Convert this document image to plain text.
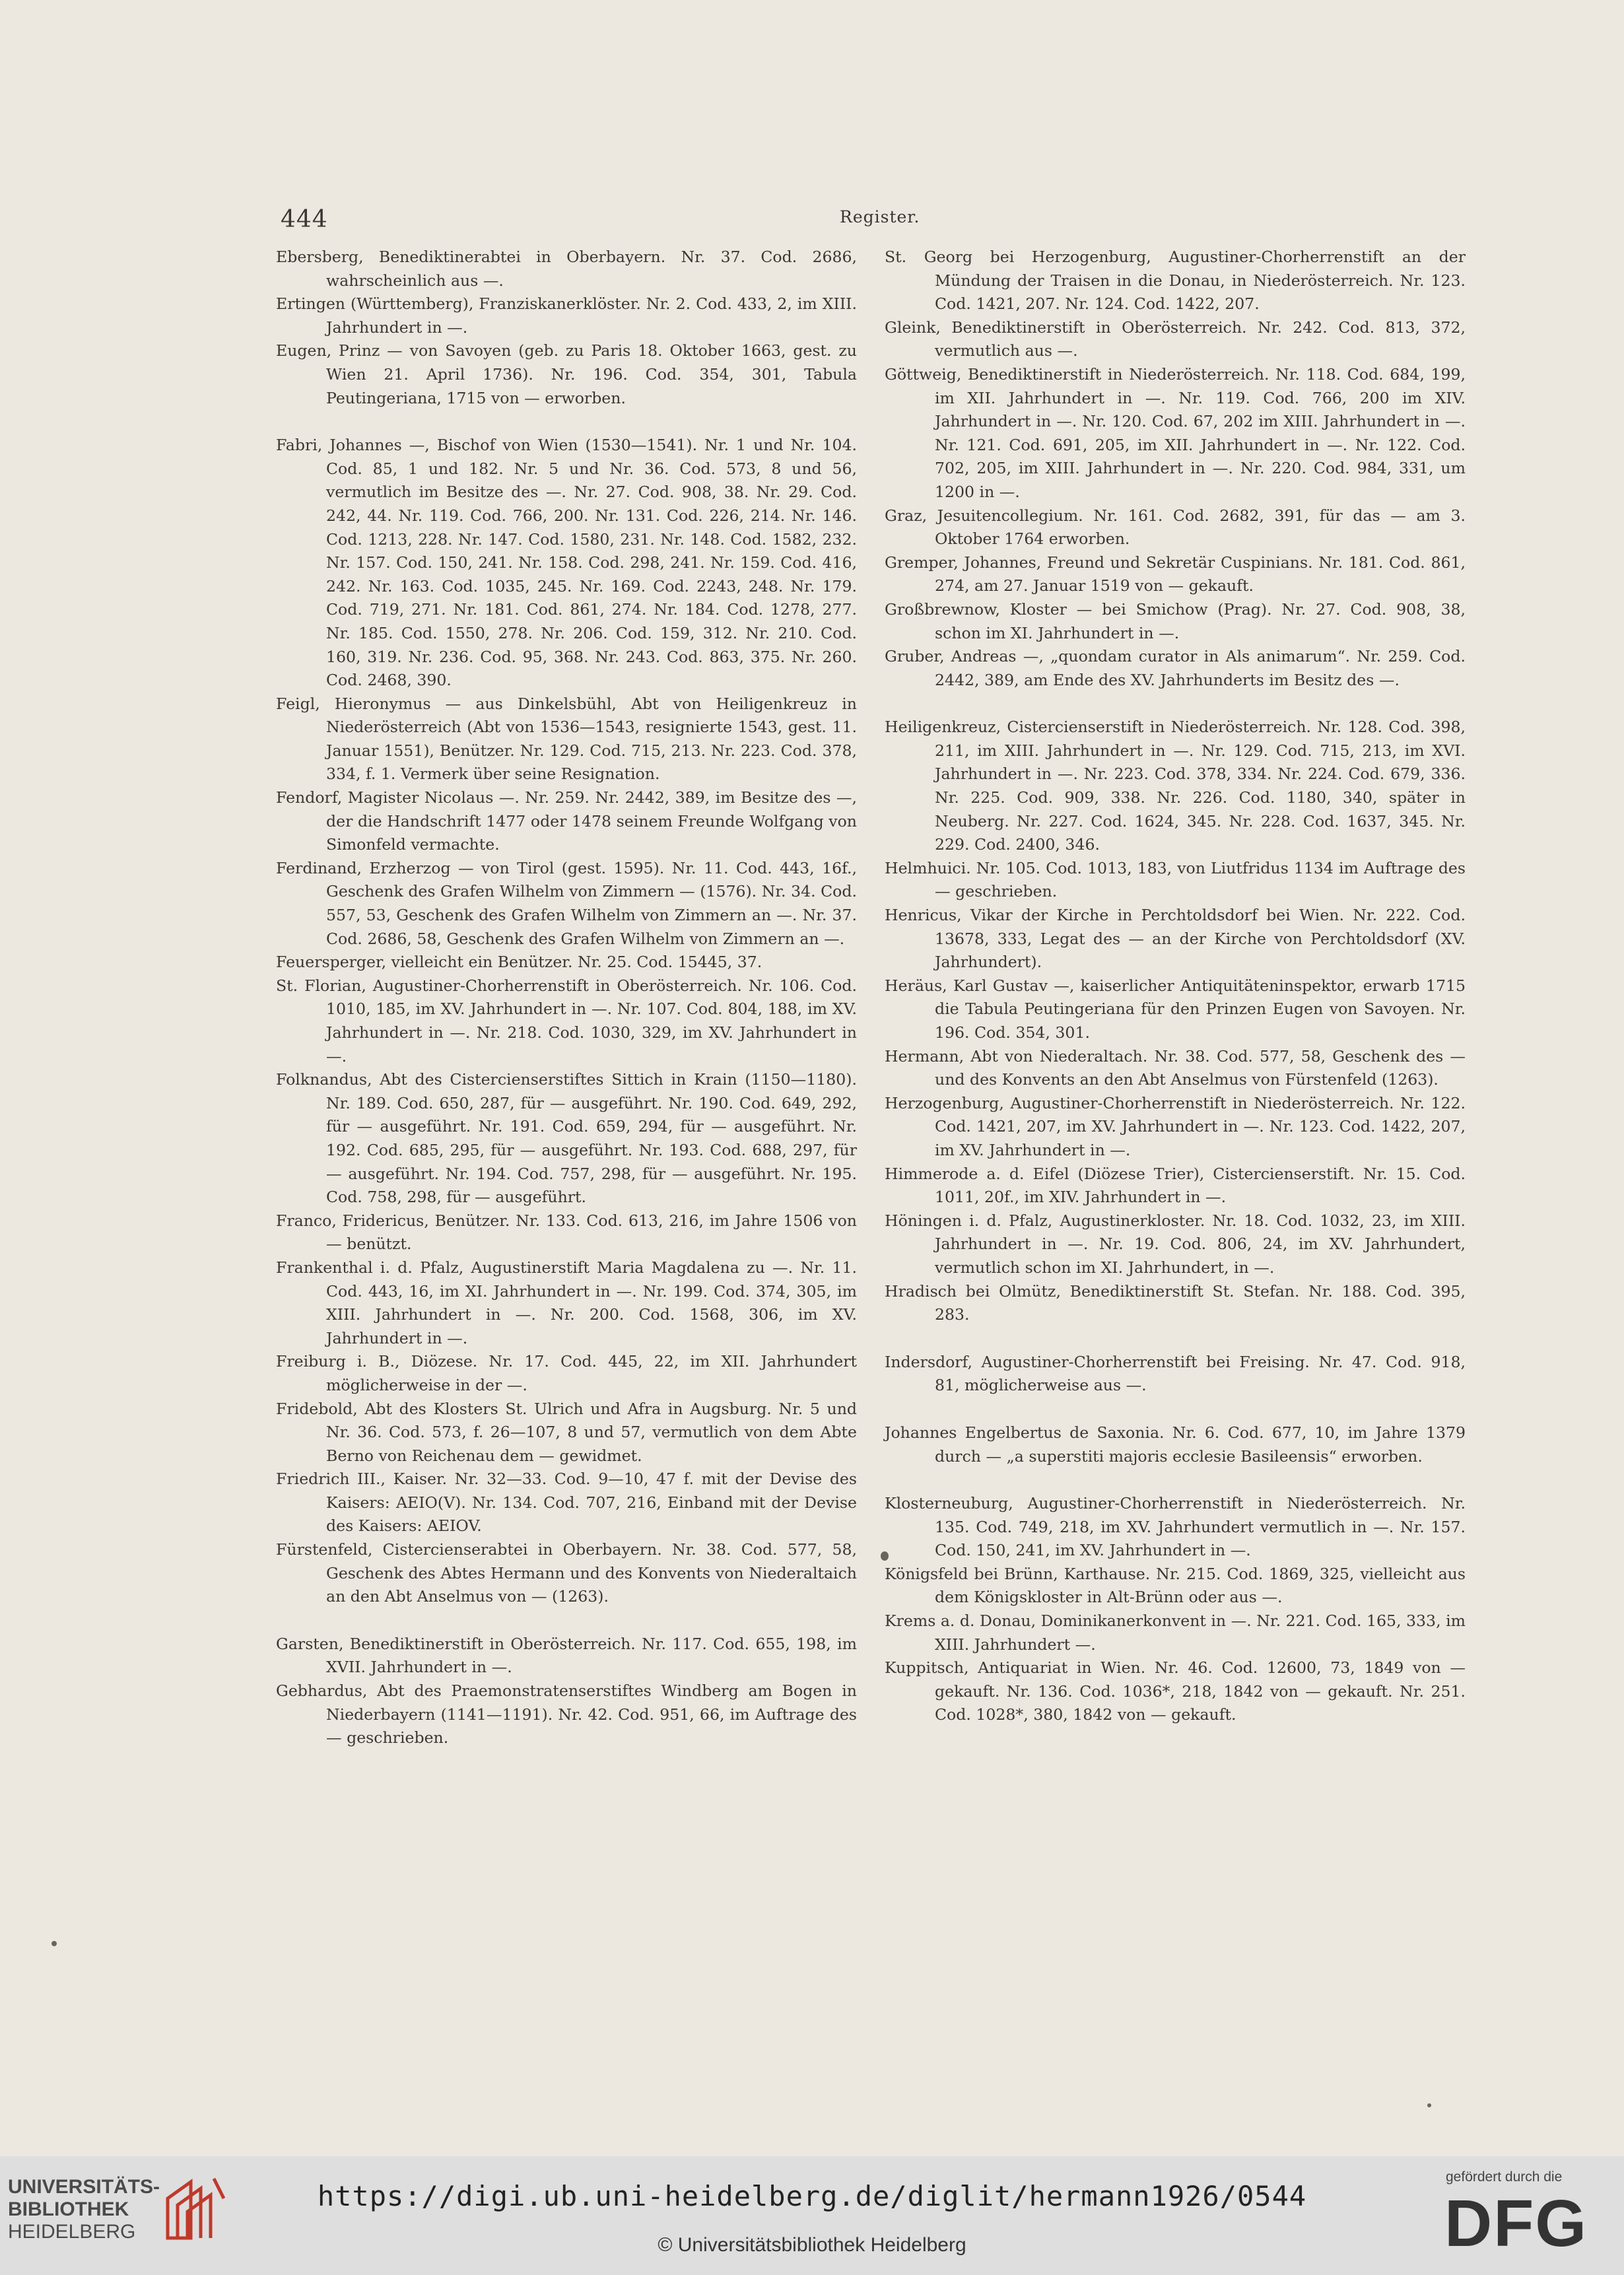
444	Register.
Ebersberg, Benediktinerabtei in Oberbayern. Nr. 37. Cod. 2686, wahrscheinlich aus —.
Ertingen (Württemberg), Franziskanerklöster. Nr. 2. Cod. 433, 2, im XIII. Jahrhundert in —.
Eugen, Prinz — von Savoyen (geb. zu Paris 18. Oktober 1663, gest. zu Wien 21. April 1736). Nr. 196. Cod. 354, 301, Tabula Peutingeriana, 1715 von — erworben.
Fabri, Johannes —, Bischof von Wien (1530—1541). Nr. 1 und Nr. 104. Cod. 85, 1 und 182. Nr. 5 und Nr. 36. Cod. 573, 8 und 56, vermutlich im Besitze des —. Nr. 27. Cod. 908, 38. Nr. 29. Cod. 242, 44. Nr. 119. Cod. 766, 200. Nr. 131. Cod. 226, 214. Nr. 146. Cod. 1213, 228. Nr. 147. Cod. 1580, 231. Nr. 148. Cod. 1582, 232. Nr. 157. Cod. 150, 241. Nr. 158. Cod. 298, 241. Nr. 159. Cod. 416, 242. Nr. 163. Cod. 1035, 245. Nr. 169. Cod. 2243, 248. Nr. 179. Cod. 719, 271. Nr. 181. Cod. 861, 274. Nr. 184. Cod. 1278, 277. Nr. 185. Cod. 1550, 278. Nr. 206. Cod. 159, 312. Nr. 210. Cod. 160, 319. Nr. 236. Cod. 95, 368. Nr. 243. Cod. 863, 375. Nr. 260. Cod. 2468, 390.
Feigl, Hieronymus — aus Dinkelsbühl, Abt von Heiligenkreuz in Niederösterreich (Abt von 1536—1543, resignierte 1543, gest. 11. Januar 1551), Benützer. Nr. 129. Cod. 715, 213. Nr. 223. Cod. 378, 334, f. 1. Vermerk über seine Resignation.
Fendorf, Magister Nicolaus —. Nr. 259. Nr. 2442, 389, im Besitze des —, der die Handschrift 1477 oder 1478 seinem Freunde Wolfgang von Simonfeld vermachte.
Ferdinand, Erzherzog — von Tirol (gest. 1595). Nr. 11. Cod. 443, 16f., Geschenk des Grafen Wilhelm von Zimmern — (1576). Nr. 34. Cod. 557, 53, Geschenk des Grafen Wilhelm von Zimmern an —. Nr. 37. Cod. 2686, 58, Geschenk des Grafen Wilhelm von Zimmern an —.
Feuersperger, vielleicht ein Benützer. Nr. 25. Cod. 15445, 37.
St. Florian, Augustiner-Chorherrenstift in Oberösterreich. Nr. 106. Cod. 1010, 185, im XV. Jahrhundert in —. Nr. 107. Cod. 804, 188, im XV. Jahrhundert in —. Nr. 218. Cod. 1030, 329, im XV. Jahrhundert in —.
Folknandus, Abt des Cistercienserstiftes Sittich in Krain (1150—1180). Nr. 189. Cod. 650, 287, für — ausgeführt. Nr. 190. Cod. 649, 292, für — ausgeführt. Nr. 191. Cod. 659, 294, für — ausgeführt. Nr. 192. Cod. 685, 295, für — ausgeführt. Nr. 193. Cod. 688, 297, für — ausgeführt. Nr. 194. Cod. 757, 298, für — ausgeführt. Nr. 195. Cod. 758, 298, für — ausgeführt.
Franco, Fridericus, Benützer. Nr. 133. Cod. 613, 216, im Jahre 1506 von — benützt.
Frankenthal i. d. Pfalz, Augustinerstift Maria Magdalena zu —. Nr. 11. Cod. 443, 16, im XI. Jahrhundert in —. Nr. 199. Cod. 374, 305, im XIII. Jahrhundert in —. Nr. 200. Cod. 1568, 306, im XV. Jahrhundert in —.
Freiburg i. B., Diözese. Nr. 17. Cod. 445, 22, im XII. Jahrhundert möglicherweise in der —.
Fridebold, Abt des Klosters St. Ulrich und Afra in Augsburg. Nr. 5 und Nr. 36. Cod. 573, f. 26—107, 8 und 57, vermutlich von dem Abte Berno von Reichenau dem — gewidmet.
Friedrich III., Kaiser. Nr. 32—33. Cod. 9—10, 47 f. mit der Devise des Kaisers: AEIO(V). Nr. 134. Cod. 707, 216, Einband mit der Devise des Kaisers: AEIOV.
Fürstenfeld, Cistercienserabtei in Oberbayern. Nr. 38. Cod. 577, 58, Geschenk des Abtes Hermann und des Konvents von Niederaltaich an den Abt Anselmus von — (1263).
Garsten, Benediktinerstift in Oberösterreich. Nr. 117. Cod. 655, 198, im XVII. Jahrhundert in —.
Gebhardus, Abt des Praemonstratenserstiftes Windberg am Bogen in Niederbayern (1141—1191). Nr. 42. Cod. 951, 66, im Auftrage des — geschrieben.
St. Georg bei Herzogenburg, Augustiner-Chorherrenstift an der Mündung der Traisen in die Donau, in Niederösterreich. Nr. 123. Cod. 1421, 207. Nr. 124. Cod. 1422, 207.
Gleink, Benediktinerstift in Oberösterreich. Nr. 242. Cod. 813, 372, vermutlich aus —.
Göttweig, Benediktinerstift in Niederösterreich. Nr. 118. Cod. 684, 199, im XII. Jahrhundert in —. Nr. 119. Cod. 766, 200 im XIV. Jahrhundert in —. Nr. 120. Cod. 67, 202 im XIII. Jahrhundert in —. Nr. 121. Cod. 691, 205, im XII. Jahrhundert in —. Nr. 122. Cod. 702, 205, im XIII. Jahrhundert in —. Nr. 220. Cod. 984, 331, um 1200 in —.
Graz, Jesuitencollegium. Nr. 161. Cod. 2682, 391, für das — am 3. Oktober 1764 erworben.
Gremper, Johannes, Freund und Sekretär Cuspinians. Nr. 181. Cod. 861, 274, am 27. Januar 1519 von — gekauft.
Großbrewnow, Kloster — bei Smichow (Prag). Nr. 27. Cod. 908, 38, schon im XI. Jahrhundert in —.
Gruber, Andreas —, „quondam curator in Als animarum“. Nr. 259. Cod. 2442, 389, am Ende des XV. Jahrhunderts im Besitz des —.
Heiligenkreuz, Cistercienserstift in Niederösterreich. Nr. 128. Cod. 398, 211, im XIII. Jahrhundert in —. Nr. 129. Cod. 715, 213, im XVI. Jahrhundert in —. Nr. 223. Cod. 378, 334. Nr. 224. Cod. 679, 336. Nr. 225. Cod. 909, 338. Nr. 226. Cod. 1180, 340, später in Neuberg. Nr. 227. Cod. 1624, 345. Nr. 228. Cod. 1637, 345. Nr. 229. Cod. 2400, 346.
Helmhuici. Nr. 105. Cod. 1013, 183, von Liutfridus 1134 im Auftrage des — geschrieben.
Henricus, Vikar der Kirche in Perchtoldsdorf bei Wien. Nr. 222. Cod. 13678, 333, Legat des — an der Kirche von Perchtoldsdorf (XV. Jahrhundert).
Heräus, Karl Gustav —, kaiserlicher Antiquitäteninspektor, erwarb 1715 die Tabula Peutingeriana für den Prinzen Eugen von Savoyen. Nr. 196. Cod. 354, 301.
Hermann, Abt von Niederaltach. Nr. 38. Cod. 577, 58, Geschenk des — und des Konvents an den Abt Anselmus von Fürstenfeld (1263).
Herzogenburg, Augustiner-Chorherrenstift in Niederösterreich. Nr. 122. Cod. 1421, 207, im XV. Jahrhundert in —. Nr. 123. Cod. 1422, 207, im XV. Jahrhundert in —.
Himmerode a. d. Eifel (Diözese Trier), Cistercienserstift. Nr. 15. Cod. 1011, 20f., im XIV. Jahrhundert in —.
Höningen i. d. Pfalz, Augustinerkloster. Nr. 18. Cod. 1032, 23, im XIII. Jahrhundert in —. Nr. 19. Cod. 806, 24, im XV. Jahrhundert, vermutlich schon im XI. Jahrhundert, in —.
Hradisch bei Olmütz, Benediktinerstift St. Stefan. Nr. 188. Cod. 395, 283.
Indersdorf, Augustiner-Chorherrenstift bei Freising. Nr. 47. Cod. 918, 81, möglicherweise aus —.
Johannes Engelbertus de Saxonia. Nr. 6. Cod. 677, 10, im Jahre 1379 durch — „a superstiti majoris ecclesie Basileensis“ erworben.
Klosterneuburg, Augustiner-Chorherrenstift in Niederösterreich. Nr. 135. Cod. 749, 218, im XV. Jahrhundert vermutlich in —. Nr. 157. Cod. 150, 241, im XV. Jahrhundert in —.
Königsfeld bei Brünn, Karthause. Nr. 215. Cod. 1869, 325, vielleicht aus dem Königskloster in Alt-Brünn oder aus —.
Krems a. d. Donau, Dominikanerkonvent in —. Nr. 221. Cod. 165, 333, im XIII. Jahrhundert —.
Kuppitsch, Antiquariat in Wien. Nr. 46. Cod. 12600, 73, 1849 von — gekauft. Nr. 136. Cod. 1036*, 218, 1842 von — gekauft. Nr. 251. Cod. 1028*, 380, 1842 von — gekauft.
UNIVERSITÄTS-
BIBLIOTHEK
HEIDELBERG
https://digi.ub.uni-heidelberg.de/diglit/hermann1926/0544
© Universitätsbibliothek Heidelberg
gefördert durch die
DFG
